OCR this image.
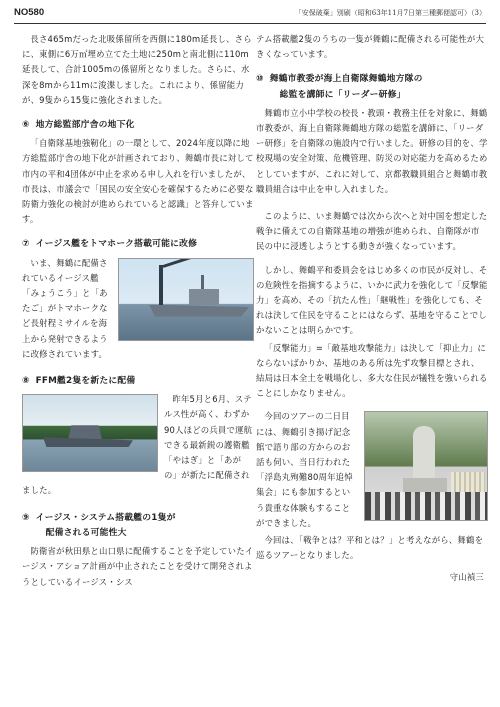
NO580	「安保破棄」別刷（昭和63年11月7日第三種郵便認可）（3）

長さ465mだった北吸係留所を西側に180m延長し、さらに、東側に6万㎡埋め立てた土地に250mと南北側に110m延長して、合計1005mの係留所となりました。さらに、水深を8mから11mに浚渫しました。これにより、係留能力が、9隻から15隻に強化されました。

⑥ 地方総監部庁舎の地下化

「自衛隊基地強靭化」の一環として、2024年度以降に地方総監部庁舎の地下化が計画されており、舞鶴市長に対して市内の平和4団体が中止を求める申し入れを行いましたが、市長は、市議会で「国民の安全安心を確保するために必要な防衛力強化の検討が進められていると認識」と答弁しています。

⑦ イージス艦をトマホーク搭載可能に改修

いま、舞鶴に配備されているイージス艦「みょうこう」と「あたご」がトマホークなど長射程ミサイルを海上から発射できるように改修されています。

⑧ FFM艦2隻を新たに配備

昨年5月と6月、ステルス性が高く、わずか90人ほどの兵員で運航できる最新鋭の護衛艦「やはぎ」と「あがの」が新たに配備されました。

⑨ イージス・システム搭載艦の1隻が
配備される可能性大

防衛省が秋田県と山口県に配備することを予定していたイージス・アショア計画が中止されたことを受けて開発されようとしているイージス・シス

テム搭載艦2隻のうちの一隻が舞鶴に配備される可能性が大きくなっています。

⑩ 舞鶴市教委が海上自衛隊舞鶴地方隊の
総監を講師に「リーダー研修」

舞鶴市立小中学校の校長・教頭・教務主任を対象に、舞鶴市教委が、海上自衛隊舞鶴地方隊の総監を講師に、「リーダー研修」を自衛隊の施設内で行いました。研修の目的を、学校現場の安全対策、危機管理、防災の対応能力を高めるためとしていますが、これに対して、京都教職員組合と舞鶴市教職員組合は中止を申し入れました。

このように、いま舞鶴では次から次へと対中国を想定した戦争に備えての自衛隊基地の増強が進められ、自衛隊が市民の中に浸透しようとする動きが強くなっています。

しかし、舞鶴平和委員会をはじめ多くの市民が反対し、その危険性を指摘するように、いかに武力を強化して「反撃能力」を高め、その「抗たん性」「継戦性」を強化しても、それは決して住民を守ることにはならず、基地を守ることでしかないことは明らかです。

「反撃能力」=「敵基地攻撃能力」は決して「抑止力」にならないばかりか、基地のある所は先ず攻撃目標とされ、結局は日本全土を戦場化し、多大な住民が犠牲を強いられることにしかなりません。

今回のツアーの二日目には、舞鶴引き揚げ記念館で語り部の方からのお話も伺い、当日行われた「浮島丸殉難80周年追悼集会」にも参加するという貴重な体験もすることができました。

今回は、「戦争とは？平和とは？」と考えながら、舞鶴を巡るツアーとなりました。

守山禎三
